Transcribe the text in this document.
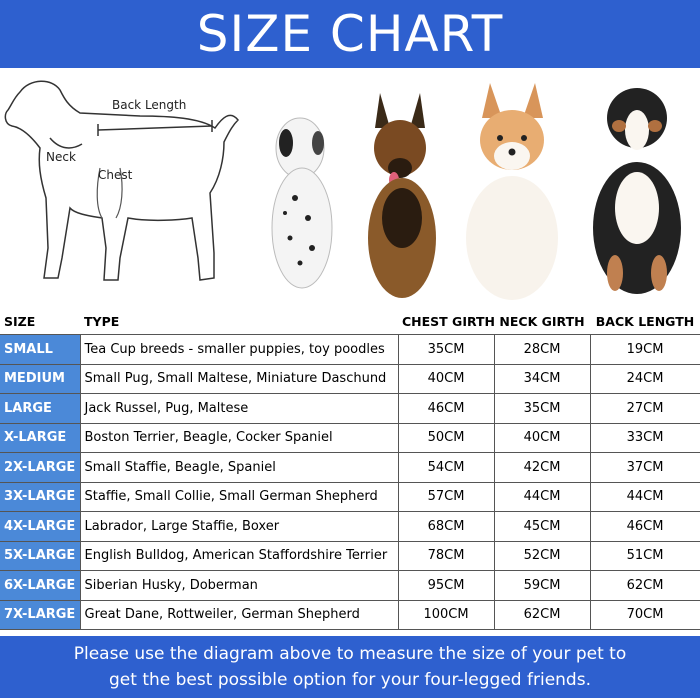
SIZE CHART
Back Length
Neck
Chest
SIZE	TYPE	CHEST GIRTH	NECK GIRTH	BACK LENGTH
SMALL	Tea Cup breeds - smaller puppies, toy poodles	35CM	28CM	19CM
MEDIUM	Small Pug, Small Maltese, Miniature Daschund	40CM	34CM	24CM
LARGE	Jack Russel, Pug, Maltese	46CM	35CM	27CM
X-LARGE	Boston Terrier, Beagle, Cocker Spaniel	50CM	40CM	33CM
2X-LARGE	Small Staffie, Beagle, Spaniel	54CM	42CM	37CM
3X-LARGE	Staffie, Small Collie, Small German Shepherd	57CM	44CM	44CM
4X-LARGE	Labrador, Large Staffie, Boxer	68CM	45CM	46CM
5X-LARGE	English Bulldog, American Staffordshire Terrier	78CM	52CM	51CM
6X-LARGE	Siberian Husky, Doberman	95CM	59CM	62CM
7X-LARGE	Great Dane, Rottweiler, German Shepherd	100CM	62CM	70CM
Please use the diagram above to measure the size of your pet to
get the best possible option for your four-legged friends.
